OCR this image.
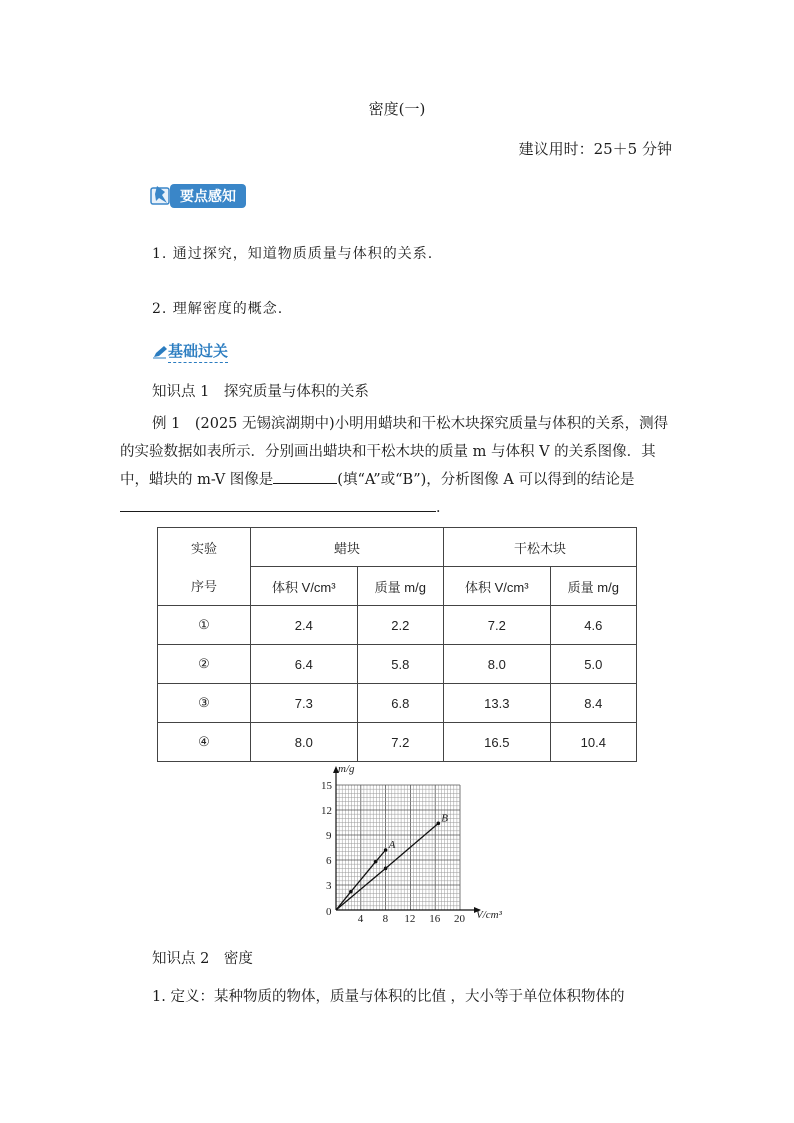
密度(一)
建议用时：25＋5 分钟
要点感知
1. 通过探究，知道物质质量与体积的关系.
2. 理解密度的概念.
基础过关
知识点 1　探究质量与体积的关系
例 1　 (2025 无锡滨湖期中)小明用蜡块和干松木块探究质量与体积的关系，测得的实验数据如表所示．分别画出蜡块和干松木块的质量 m 与体积 V 的关系图像．其中，蜡块的 m-V 图像是	(填“A”或“B”)，分析图像 A 可以得到的结论是．
实验	蜡块		干松木块	
序号	体积 V/cm³	质量 m/g	体积 V/cm³	质量 m/g
①	2.4	2.2	7.2	4.6
②	6.4	5.8	8.0	5.0
③	7.3	6.8	13.3	8.4
④	8.0	7.2	16.5	10.4
4 8 12 16 20
3
6
9
12
15
A
B
m/g
V/cm³
0
知识点 2　密度
1. 定义：某种物质的物体，质量与体积的比值 ，大小等于单位体积物体的
